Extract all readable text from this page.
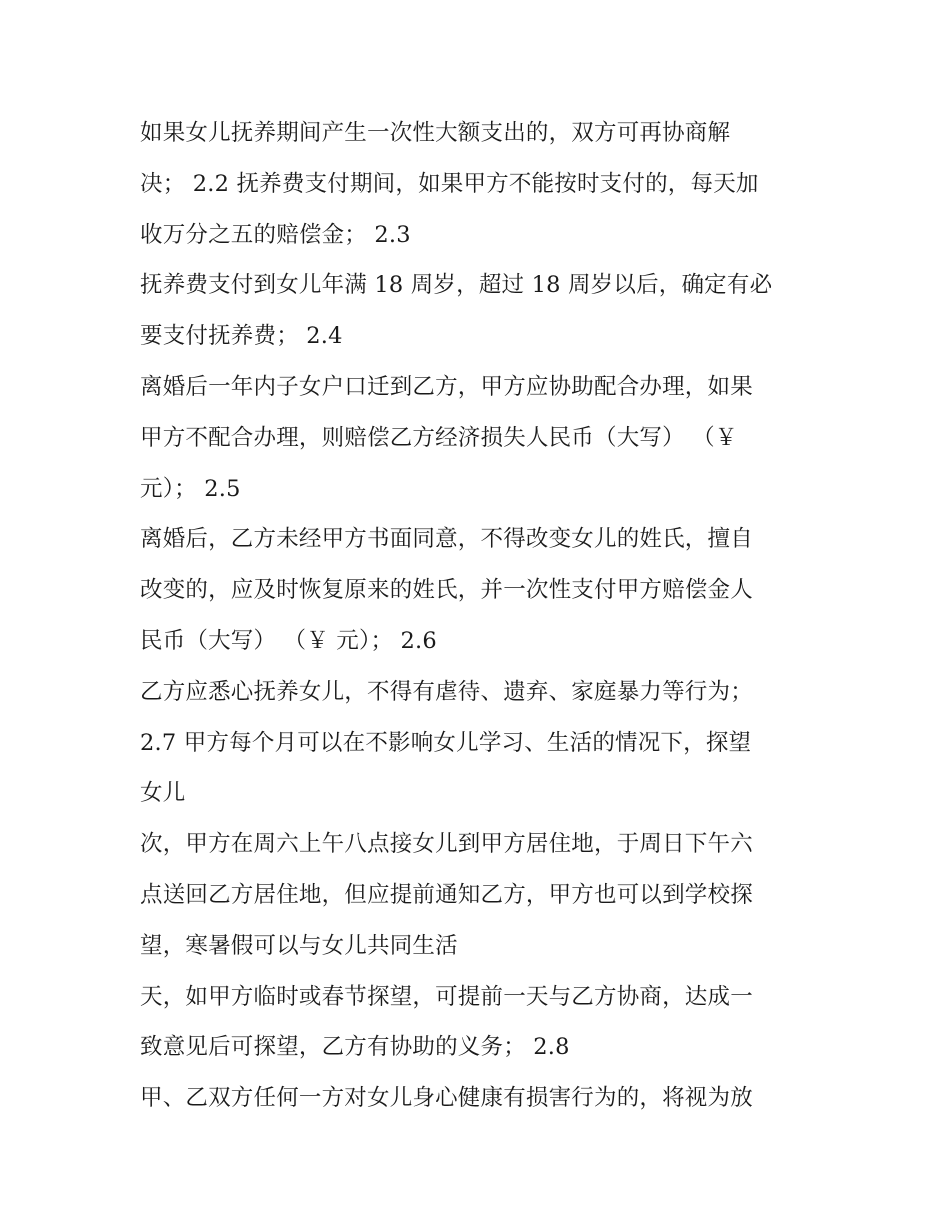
如果女儿抚养期间产生一次性大额支出的，双方可再协商解
决； 2.2 抚养费支付期间，如果甲方不能按时支付的，每天加
收万分之五的赔偿金； 2.3
抚养费支付到女儿年满 18 周岁，超过 18 周岁以后，确定有必
要支付抚养费； 2.4
离婚后一年内子女户口迁到乙方，甲方应协助配合办理，如果
甲方不配合办理，则赔偿乙方经济损失人民币（大写） （￥
元）； 2.5
离婚后，乙方未经甲方书面同意，不得改变女儿的姓氏，擅自
改变的，应及时恢复原来的姓氏，并一次性支付甲方赔偿金人
民币（大写） （￥ 元）； 2.6
乙方应悉心抚养女儿，不得有虐待、遗弃、家庭暴力等行为；
2.7 甲方每个月可以在不影响女儿学习、生活的情况下，探望
女儿
次，甲方在周六上午八点接女儿到甲方居住地，于周日下午六
点送回乙方居住地，但应提前通知乙方，甲方也可以到学校探
望，寒暑假可以与女儿共同生活
天，如甲方临时或春节探望，可提前一天与乙方协商，达成一
致意见后可探望，乙方有协助的义务； 2.8
甲、乙双方任何一方对女儿身心健康有损害行为的，将视为放
